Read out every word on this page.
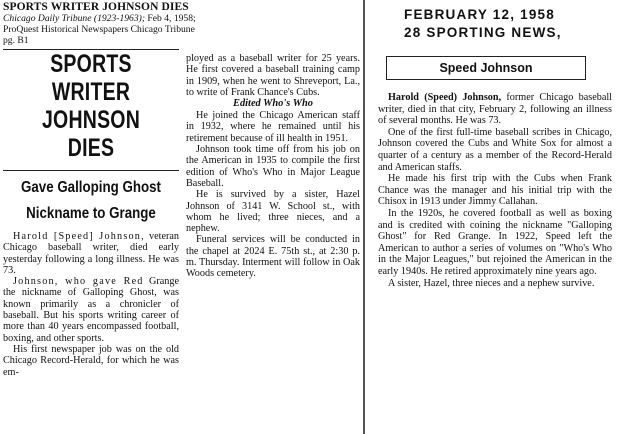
SPORTS WRITER JOHNSON DIES
Chicago Daily Tribune (1923-1963); Feb 4, 1958;
ProQuest Historical Newspapers Chicago Tribune
pg. B1
SPORTS WRITER
JOHNSON DIES
Gave Galloping Ghost
Nickname to Grange

Harold [Speed] Johnson, veteran Chicago baseball writer, died early yesterday following a long illness. He was 73.

Johnson, who gave Red Grange the nickname of Galloping Ghost, was known primarily as a chronicler of baseball. But his sports writing career of more than 40 years encompassed football, boxing, and other sports.

His first newspaper job was on the old Chicago Record-Herald, for which he was em-

ployed as a baseball writer for 25 years. He first covered a baseball training camp in 1909, when he went to Shreveport, La., to write of Frank Chance's Cubs.

Edited Who's Who

He joined the Chicago American staff in 1932, where he remained until his retirement because of ill health in 1951.

Johnson took time off from his job on the American in 1935 to compile the first edition of Who's Who in Major League Baseball.

He is survived by a sister, Hazel Johnson of 3141 W. School st., with whom he lived; three nieces, and a nephew.

Funeral services will be conducted in the chapel at 2024 E. 75th st., at 2:30 p. m. Thursday. Interment will follow in Oak Woods cemetery.

FEBRUARY 12, 1958
28 SPORTING NEWS,
Speed Johnson

Harold (Speed) Johnson, former Chicago baseball writer, died in that city, February 2, following an illness of several months. He was 73.

One of the first full-time baseball scribes in Chicago, Johnson covered the Cubs and White Sox for almost a quarter of a century as a member of the Record-Herald and American staffs.

He made his first trip with the Cubs when Frank Chance was the manager and his initial trip with the Chisox in 1913 under Jimmy Callahan.

In the 1920s, he covered football as well as boxing and is credited with coining the nickname "Galloping Ghost" for Red Grange. In 1922, Speed left the American to author a series of volumes on "Who's Who in the Major Leagues," but rejoined the American in the early 1940s. He retired approximately nine years ago.

A sister, Hazel, three nieces and a nephew survive.
